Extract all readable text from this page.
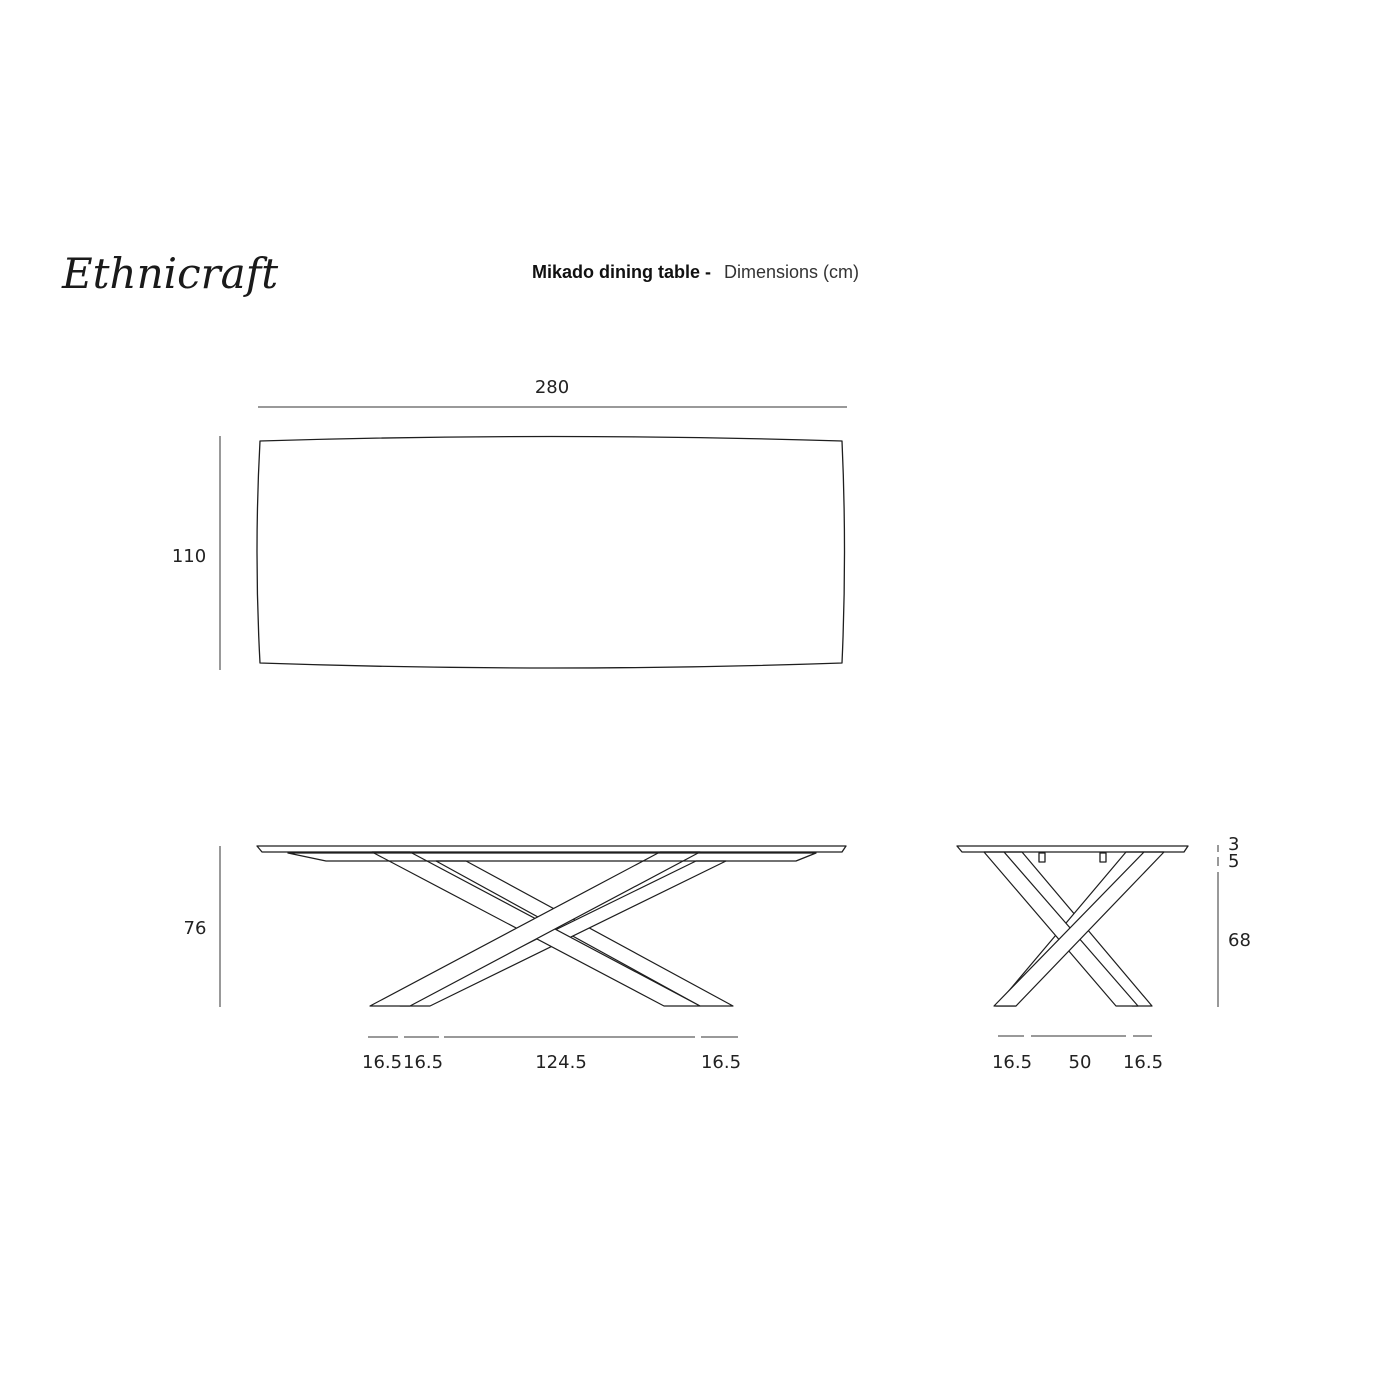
Ethnicraft	Mikado dining table - Dimensions (cm)
280
110
76
16.5 16.5	124.5	16.5
3
5
68
16.5 50 16.5
